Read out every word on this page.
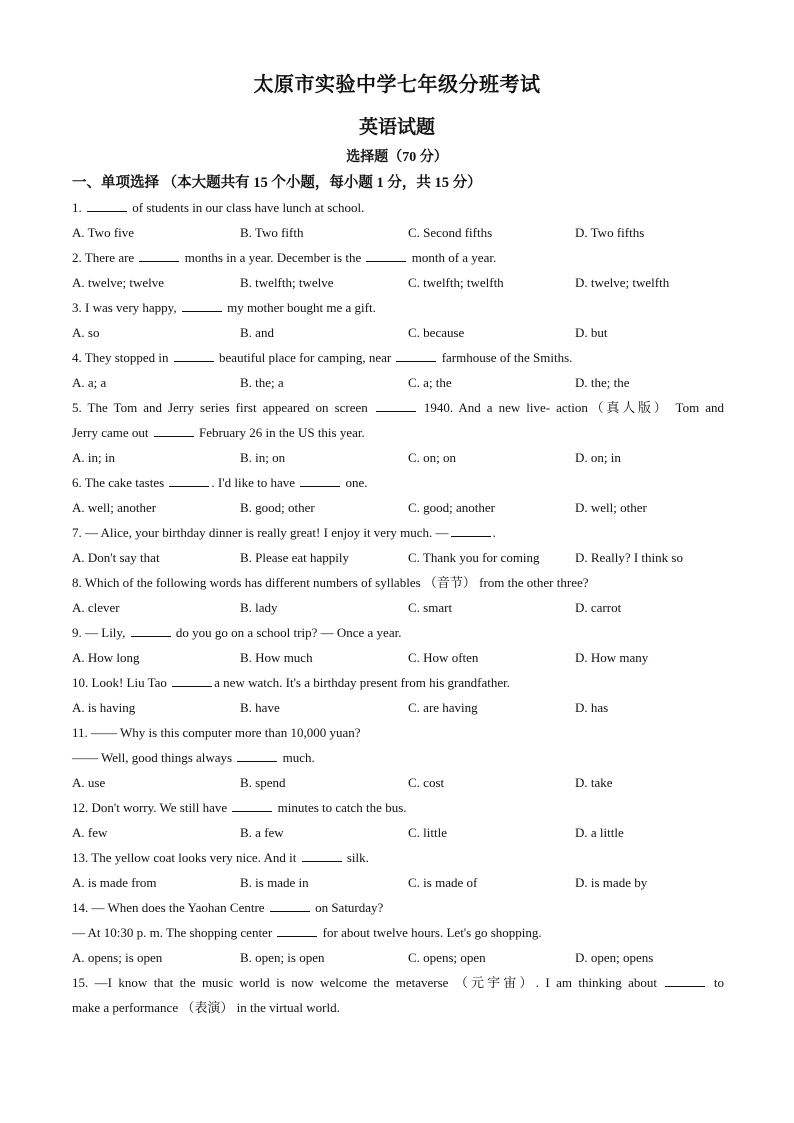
太原市实验中学七年级分班考试
英语试题
选择题（70 分）
一、单项选择 （本大题共有 15 个小题，每小题 1 分，共 15 分）
1.	of students in our class have lunch at school.
A. Two five	B. Two fifth	C. Second fifths	D. Two fifths
2. There are	months in a year. December is the	month of a year.
A. twelve; twelve	B. twelfth; twelve	C. twelfth; twelfth	D. twelve; twelfth
3. I was very happy,	my mother bought me a gift.
A. so	B. and	C. because	D. but
4. They stopped in	beautiful place for camping, near	farmhouse of the Smiths.
A. a; a	B. the; a	C. a; the	D. the; the
5. The Tom and Jerry series first appeared on screen	1940. And a new live- action（真人版） Tom and
Jerry came out	February 26 in the US this year.
A. in; in	B. in; on	C. on; on	D. on; in
6. The cake tastes	. I'd like to have	one.
A. well; another	B. good; other	C. good; another	D. well; other
7. — Alice, your birthday dinner is really great! I enjoy it very much. —	.
A. Don't say that	B. Please eat happily	C. Thank you for coming	D. Really? I think so
8. Which of the following words has different numbers of syllables （音节） from the other three?
A. clever	B. lady	C. smart	D. carrot
9. — Lily,	do you go on a school trip? — Once a year.
A. How long	B. How much	C. How often	D. How many
10. Look! Liu Tao	a new watch. It's a birthday present from his grandfather.
A. is having	B. have	C. are having	D. has
11. —— Why is this computer more than 10,000 yuan?
—— Well, good things always	much.
A. use	B. spend	C. cost	D. take
12. Don't worry. We still have	minutes to catch the bus.
A. few	B. a few	C. little	D. a little
13. The yellow coat looks very nice. And it	silk.
A. is made from	B. is made in	C. is made of	D. is made by
14. — When does the Yaohan Centre	on Saturday?
— At 10:30 p. m. The shopping center	for about twelve hours. Let's go shopping.
A. opens; is open	B. open; is open	C. opens; open	D. open; opens
15. —I know that the music world is now welcome the metaverse （元宇宙）. I am thinking about	to
make a performance （表演） in the virtual world.
